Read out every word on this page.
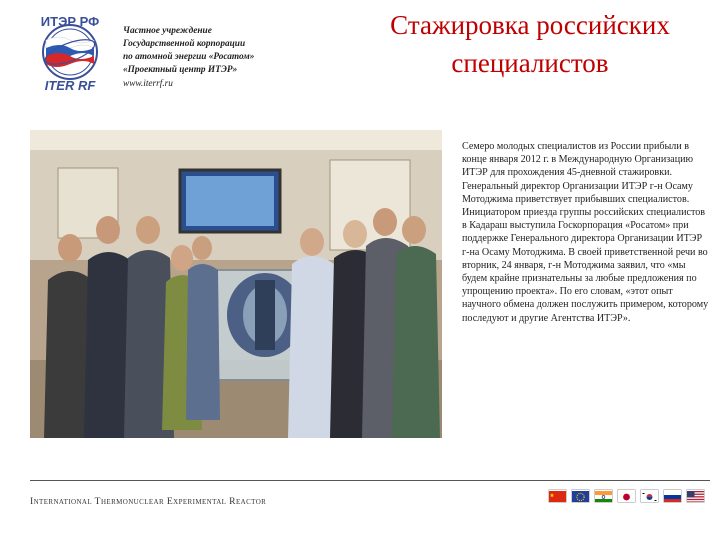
ИТЭР РФ
ITER RF
Частное учреждение
Государственной корпорации
по атомной энергии «Росатом»
«Проектный центр ИТЭР»
www.iterrf.ru
Стажировка российских
специалистов
Семеро молодых специалистов из России прибыли в конце января 2012 г. в Международную Организацию ИТЭР для прохождения 45-дневной стажировки. Генеральный директор Организации ИТЭР г-н Осаму Мотоджима приветствует прибывших специалистов. Инициатором приезда группы российских специалистов в Кадараш выступила Госкорпорация «Росатом» при поддержке Генерального директора Организации ИТЭР г-на Осаму Мотоджима. В своей приветственной речи во вторник, 24 января, г-н Мотоджима заявил, что «мы будем крайне признательны за любые предложения по упрощению проекта». По его словам, «этот опыт научного обмена должен послужить примером, которому последуют и другие Агентства ИТЭР».
International Thermonuclear Experimental Reactor
